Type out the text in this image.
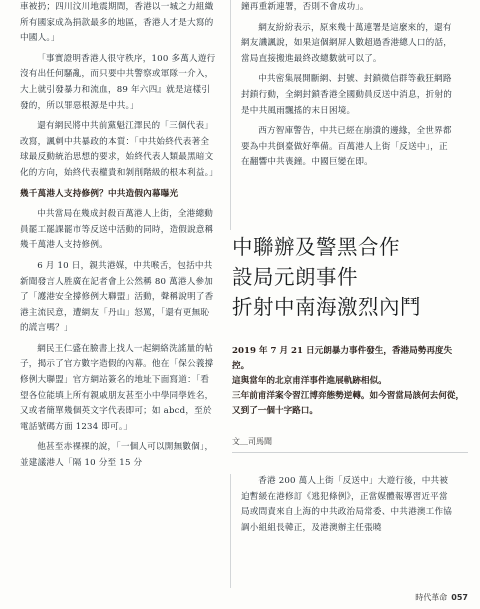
車被扔；四川汶川地震期間，香港以一城之力組織所有國家成為捐款最多的地區，香港人才是大寫的中國人。」

「事實證明香港人很守秩序，100 多萬人遊行沒有出任何騷亂，而只要中共警察或軍隊一介入，大上就引發暴力和流血，89 年六四』就是這樣引發的，所以罪惡根源是中共。」

還有網民將中共前黨魁江澤民的「三個代表」改寫，諷刺中共暴政的本質：「中共始終代表著全球最反動統治思想的要求，始終代表人類最黑暗文化的方向，始終代表權貴和剝削階級的根本利益。」

幾千萬港人支持修例？中共造假內幕曝光

中共當局在幾成封殺百萬港人上街，全港總動員罷工罷課罷市等反送中活動的同時，造假說意稱幾千萬港人支持修例。

6 月 10 日，親共港媒，中共喉舌，包括中共新聞發言人胜廣在記者會上公然稱 80 萬港人參加了「護港安全撐修例大聯盟」活動，聲稱說明了香港主流民意，遭網友「丹山」怒罵，「還有更無恥的謊言嗎？」

網民王仁盛在臉書上找人一起網絡洗謠量的帖子，揭示了官方數字造假的內幕。他在「保公義撐修例大聯盟」官方網站簽名的地址下面寫道：「看望各位能填上所有親戚朋友甚至小中學同學姓名，又或者簡單幾個英文字代表即可；如 abcd，至於電話號碼方面 1234 即可。」

他甚至赤裸裸的說，「一個人可以開無數個」，並建議港人「隔 10 分至 15 分

鐘再重新連署，否則不會成功」。

網友紛紛表示，原來幾十萬連署是這麼來的，還有網友譏諷說，如果這個網屏人數超過香港總人口的話，當局直接搬進最終改總數就可以了。

中共密集展開斷網、封號、封鎖微信群等截狂網路封鎖行動，全網封鎖香港全國動員反送中消息，折射的是中共風雨飄搖的末日困境。

西方智庫警告，中共已經在崩潰的邊緣，全世界都要為中共倒臺做好準備。百萬港人上街「反送中」，正在翻響中共喪鐘。中國巨變在即。

中聯辦及警黑合作
設局元朗事件
折射中南海激烈內鬥
2019 年 7 月 21 日元朗暴力事件發生，香港局勢再度失控。
這與當年的北京甫洋事件進展軌跡相似。
三年前甫洋案令習江博弈態勢逆轉。如今習當局該何去何從，又到了一個十字路口。
文＿司馬聞

香港 200 萬人上街「反送中」大遊行後，中共被迫暫緩在港修訂《逃犯條例》，正當媒體報導習近平當局或問責來自上海的中共政治局常委、中共港澳工作協調小組組長韓正，及港澳辦主任張曉

時代革命 057
